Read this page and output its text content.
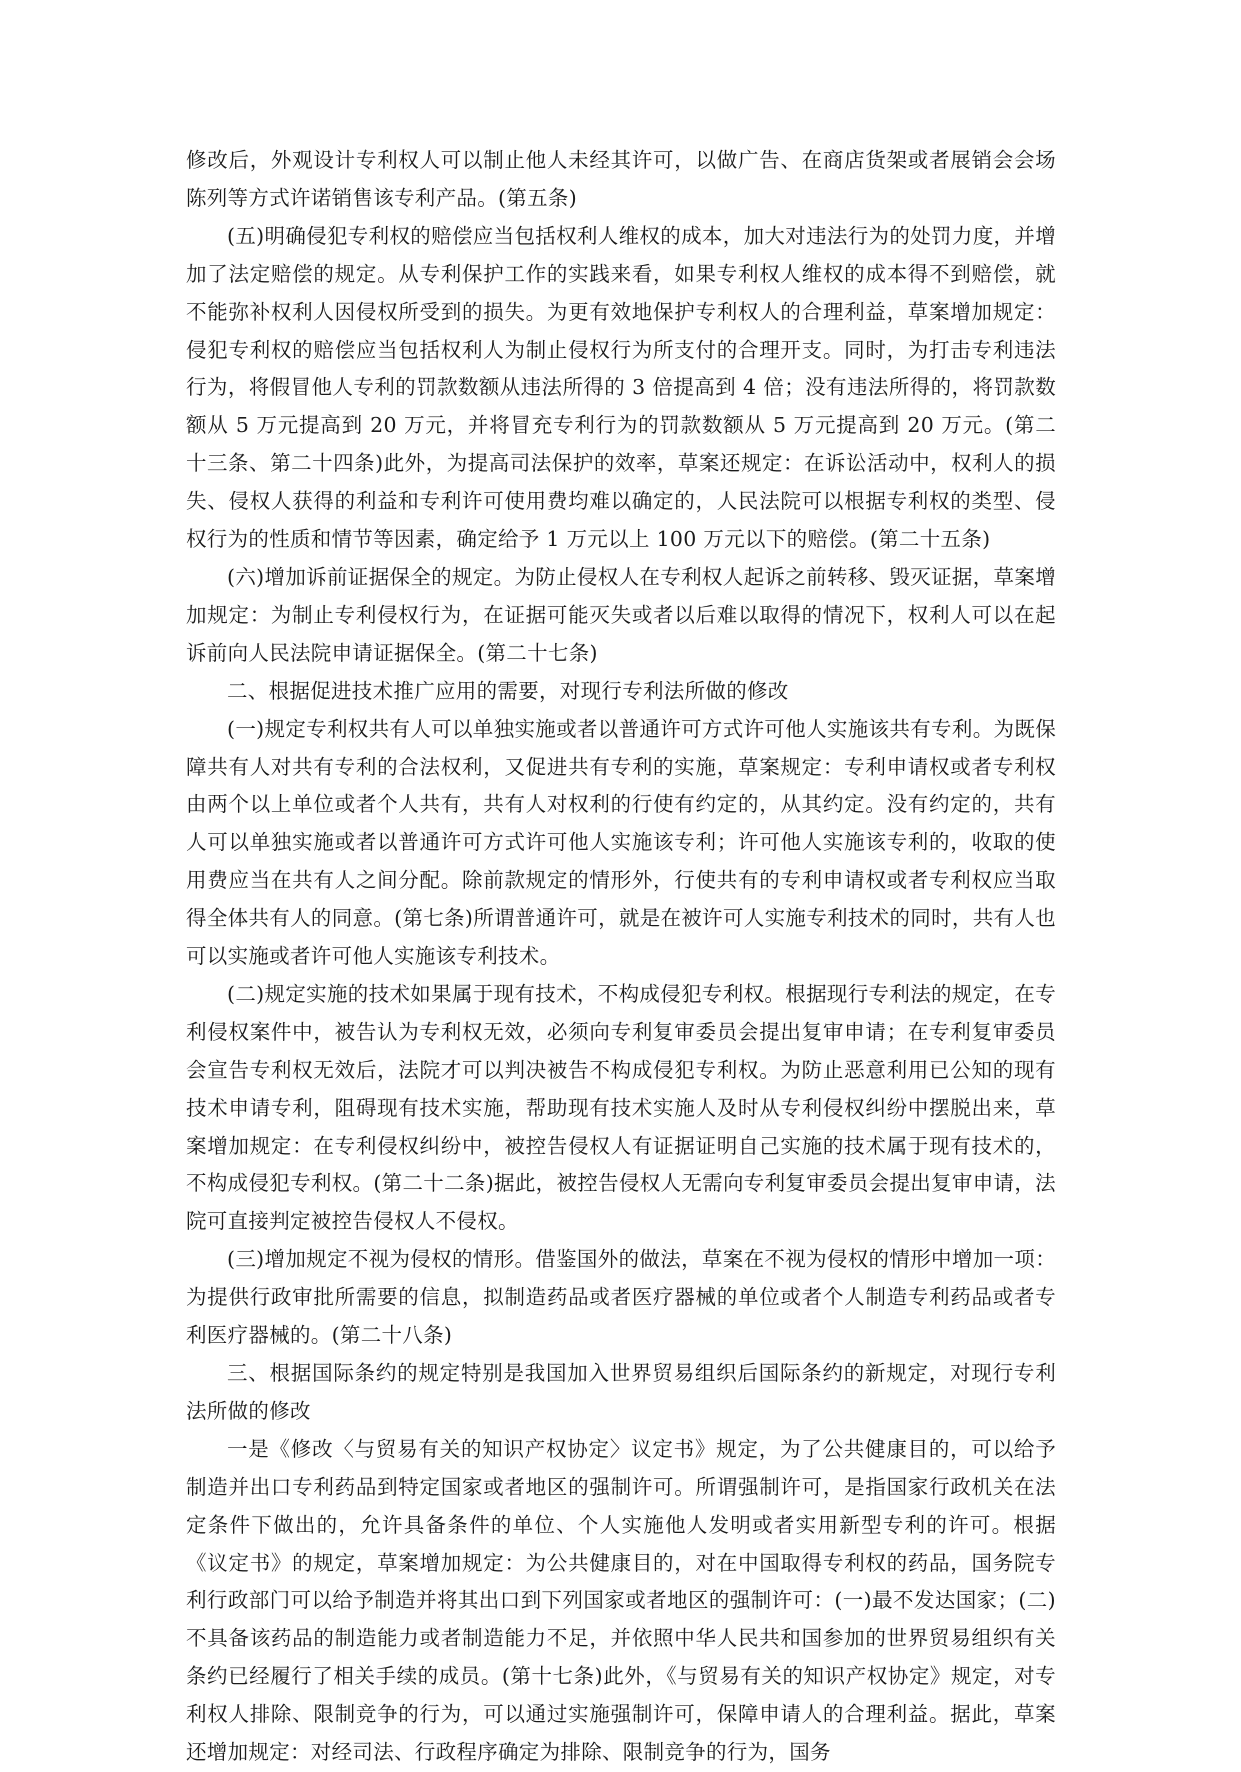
修改后，外观设计专利权人可以制止他人未经其许可，以做广告、在商店货架或者展销会会场陈列等方式许诺销售该专利产品。(第五条)

(五)明确侵犯专利权的赔偿应当包括权利人维权的成本，加大对违法行为的处罚力度，并增加了法定赔偿的规定。从专利保护工作的实践来看，如果专利权人维权的成本得不到赔偿，就不能弥补权利人因侵权所受到的损失。为更有效地保护专利权人的合理利益，草案增加规定：侵犯专利权的赔偿应当包括权利人为制止侵权行为所支付的合理开支。同时，为打击专利违法行为，将假冒他人专利的罚款数额从违法所得的 3 倍提高到 4 倍；没有违法所得的，将罚款数额从 5 万元提高到 20 万元，并将冒充专利行为的罚款数额从 5 万元提高到 20 万元。(第二十三条、第二十四条)此外，为提高司法保护的效率，草案还规定：在诉讼活动中，权利人的损失、侵权人获得的利益和专利许可使用费均难以确定的，人民法院可以根据专利权的类型、侵权行为的性质和情节等因素，确定给予 1 万元以上 100 万元以下的赔偿。(第二十五条)

(六)增加诉前证据保全的规定。为防止侵权人在专利权人起诉之前转移、毁灭证据，草案增加规定：为制止专利侵权行为，在证据可能灭失或者以后难以取得的情况下，权利人可以在起诉前向人民法院申请证据保全。(第二十七条)

二、根据促进技术推广应用的需要，对现行专利法所做的修改

(一)规定专利权共有人可以单独实施或者以普通许可方式许可他人实施该共有专利。为既保障共有人对共有专利的合法权利，又促进共有专利的实施，草案规定：专利申请权或者专利权由两个以上单位或者个人共有，共有人对权利的行使有约定的，从其约定。没有约定的，共有人可以单独实施或者以普通许可方式许可他人实施该专利；许可他人实施该专利的，收取的使用费应当在共有人之间分配。除前款规定的情形外，行使共有的专利申请权或者专利权应当取得全体共有人的同意。(第七条)所谓普通许可，就是在被许可人实施专利技术的同时，共有人也可以实施或者许可他人实施该专利技术。

(二)规定实施的技术如果属于现有技术，不构成侵犯专利权。根据现行专利法的规定，在专利侵权案件中，被告认为专利权无效，必须向专利复审委员会提出复审申请；在专利复审委员会宣告专利权无效后，法院才可以判决被告不构成侵犯专利权。为防止恶意利用已公知的现有技术申请专利，阻碍现有技术实施，帮助现有技术实施人及时从专利侵权纠纷中摆脱出来，草案增加规定：在专利侵权纠纷中，被控告侵权人有证据证明自己实施的技术属于现有技术的，不构成侵犯专利权。(第二十二条)据此，被控告侵权人无需向专利复审委员会提出复审申请，法院可直接判定被控告侵权人不侵权。

(三)增加规定不视为侵权的情形。借鉴国外的做法，草案在不视为侵权的情形中增加一项：为提供行政审批所需要的信息，拟制造药品或者医疗器械的单位或者个人制造专利药品或者专利医疗器械的。(第二十八条)

三、根据国际条约的规定特别是我国加入世界贸易组织后国际条约的新规定，对现行专利法所做的修改

一是《修改〈与贸易有关的知识产权协定〉议定书》规定，为了公共健康目的，可以给予制造并出口专利药品到特定国家或者地区的强制许可。所谓强制许可，是指国家行政机关在法定条件下做出的，允许具备条件的单位、个人实施他人发明或者实用新型专利的许可。根据《议定书》的规定，草案增加规定：为公共健康目的，对在中国取得专利权的药品，国务院专利行政部门可以给予制造并将其出口到下列国家或者地区的强制许可：(一)最不发达国家；(二)不具备该药品的制造能力或者制造能力不足，并依照中华人民共和国参加的世界贸易组织有关条约已经履行了相关手续的成员。(第十七条)此外，《与贸易有关的知识产权协定》规定，对专利权人排除、限制竞争的行为，可以通过实施强制许可，保障申请人的合理利益。据此，草案还增加规定：对经司法、行政程序确定为排除、限制竞争的行为，国务
